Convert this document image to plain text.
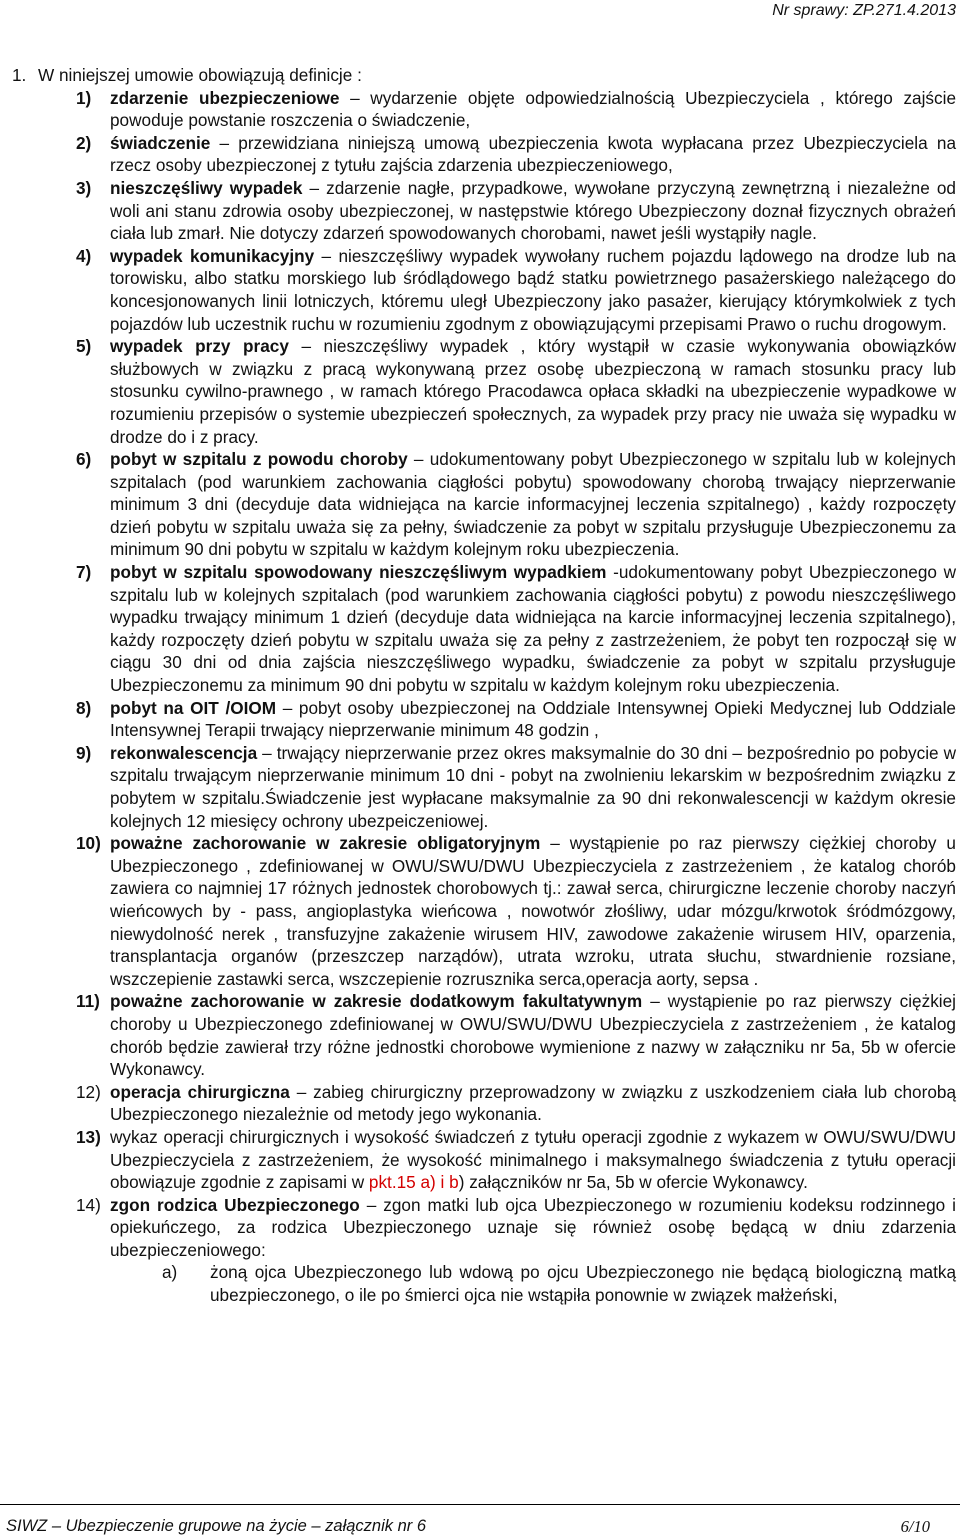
Nr sprawy: ZP.271.4.2013
1. W niniejszej umowie obowiązują definicje :
1)	zdarzenie ubezpieczeniowe – wydarzenie objęte odpowiedzialnością Ubezpieczyciela , którego zajście powoduje powstanie roszczenia o świadczenie,
2)	świadczenie – przewidziana niniejszą umową ubezpieczenia kwota wypłacana przez Ubezpieczyciela na rzecz osoby ubezpieczonej z tytułu zajścia zdarzenia ubezpieczeniowego,
3)	nieszczęśliwy wypadek – zdarzenie nagłe, przypadkowe, wywołane przyczyną zewnętrzną i niezależne od woli ani stanu zdrowia osoby ubezpieczonej, w następstwie którego Ubezpieczony doznał fizycznych obrażeń ciała lub zmarł. Nie dotyczy zdarzeń spowodowanych chorobami, nawet jeśli wystąpiły nagle.
4)	wypadek komunikacyjny – nieszczęśliwy wypadek wywołany ruchem pojazdu lądowego na drodze lub na torowisku, albo statku morskiego lub śródlądowego bądź statku powietrznego pasażerskiego należącego do koncesjonowanych linii lotniczych, któremu uległ Ubezpieczony jako pasażer, kierujący którymkolwiek z tych pojazdów lub uczestnik ruchu w rozumieniu zgodnym z obowiązującymi przepisami Prawo o ruchu drogowym.
5)	wypadek przy pracy – nieszczęśliwy wypadek , który wystąpił w czasie wykonywania obowiązków służbowych w związku z pracą wykonywaną przez osobę ubezpieczoną w ramach stosunku pracy lub stosunku cywilno-prawnego , w ramach którego Pracodawca opłaca składki na ubezpieczenie wypadkowe w rozumieniu przepisów o systemie ubezpieczeń społecznych, za wypadek przy pracy nie uważa się wypadku w drodze do i z pracy.
6)	pobyt w szpitalu z powodu choroby – udokumentowany pobyt Ubezpieczonego w szpitalu lub w kolejnych szpitalach (pod warunkiem zachowania ciągłości pobytu) spowodowany chorobą trwający nieprzerwanie minimum 3 dni (decyduje data widniejąca na karcie informacyjnej leczenia szpitalnego) , każdy rozpoczęty dzień pobytu w szpitalu uważa się za pełny, świadczenie za pobyt w szpitalu przysługuje Ubezpieczonemu za minimum 90 dni pobytu w szpitalu w każdym kolejnym roku ubezpieczenia.
7)	pobyt w szpitalu spowodowany nieszczęśliwym wypadkiem -udokumentowany pobyt Ubezpieczonego w szpitalu lub w kolejnych szpitalach (pod warunkiem zachowania ciągłości pobytu) z powodu nieszczęśliwego wypadku trwający minimum 1 dzień (decyduje data widniejąca na karcie informacyjnej leczenia szpitalnego), każdy rozpoczęty dzień pobytu w szpitalu uważa się za pełny z zastrzeżeniem, że pobyt ten rozpoczął się w ciągu 30 dni od dnia zajścia nieszczęśliwego wypadku, świadczenie za pobyt w szpitalu przysługuje Ubezpieczonemu za minimum 90 dni pobytu w szpitalu w każdym kolejnym roku ubezpieczenia.
8)	pobyt na OIT /OIOM – pobyt osoby ubezpieczonej na Oddziale Intensywnej Opieki Medycznej lub Oddziale Intensywnej Terapii trwający nieprzerwanie minimum 48 godzin ,
9)	rekonwalescencja – trwający nieprzerwanie przez okres maksymalnie do 30 dni – bezpośrednio po pobycie w szpitalu trwającym nieprzerwanie minimum 10 dni - pobyt na zwolnieniu lekarskim w bezpośrednim związku z pobytem w szpitalu.Świadczenie jest wypłacane maksymalnie za 90 dni rekonwalescencji w każdym okresie kolejnych 12 miesięcy ochrony ubezpeiczeniowej.
10) poważne zachorowanie w zakresie obligatoryjnym – wystąpienie po raz pierwszy ciężkiej choroby u Ubezpieczonego , zdefiniowanej w OWU/SWU/DWU Ubezpieczyciela z zastrzeżeniem , że katalog chorób zawiera co najmniej 17 różnych jednostek chorobowych tj.: zawał serca, chirurgiczne leczenie choroby naczyń wieńcowych by - pass, angioplastyka wieńcowa , nowotwór złośliwy, udar mózgu/krwotok śródmózgowy, niewydolność nerek , transfuzyjne zakażenie wirusem HIV, zawodowe zakażenie wirusem HIV, oparzenia, transplantacja organów (przeszczep narządów), utrata wzroku, utrata słuchu, stwardnienie rozsiane, wszczepienie zastawki serca, wszczepienie rozrusznika serca,operacja aorty, sepsa .
11) poważne zachorowanie w zakresie dodatkowym fakultatywnym – wystąpienie po raz pierwszy ciężkiej choroby u Ubezpieczonego zdefiniowanej w OWU/SWU/DWU Ubezpieczyciela z zastrzeżeniem , że katalog chorób będzie zawierał trzy różne jednostki chorobowe wymienione z nazwy w załączniku nr 5a, 5b w ofercie Wykonawcy.
12) operacja chirurgiczna – zabieg chirurgiczny przeprowadzony w związku z uszkodzeniem ciała lub chorobą Ubezpieczonego niezależnie od metody jego wykonania.
13) wykaz operacji chirurgicznych i wysokość świadczeń z tytułu operacji zgodnie z wykazem w OWU/SWU/DWU Ubezpieczyciela z zastrzeżeniem, że wysokość minimalnego i maksymalnego świadczenia z tytułu operacji obowiązuje zgodnie z zapisami w pkt.15 a) i b) załączników nr 5a, 5b w ofercie Wykonawcy.
14) zgon rodzica Ubezpieczonego – zgon matki lub ojca Ubezpieczonego w rozumieniu kodeksu rodzinnego i opiekuńczego, za rodzica Ubezpieczonego uznaje się również osobę będącą w dniu zdarzenia ubezpieczeniowego:
a)	żoną ojca Ubezpieczonego lub wdową po ojcu Ubezpieczonego nie będącą biologiczną matką ubezpieczonego, o ile po śmierci ojca nie wstąpiła ponownie w związek małżeński,
SIWZ – Ubezpieczenie grupowe na życie – załącznik nr 6	6/10
